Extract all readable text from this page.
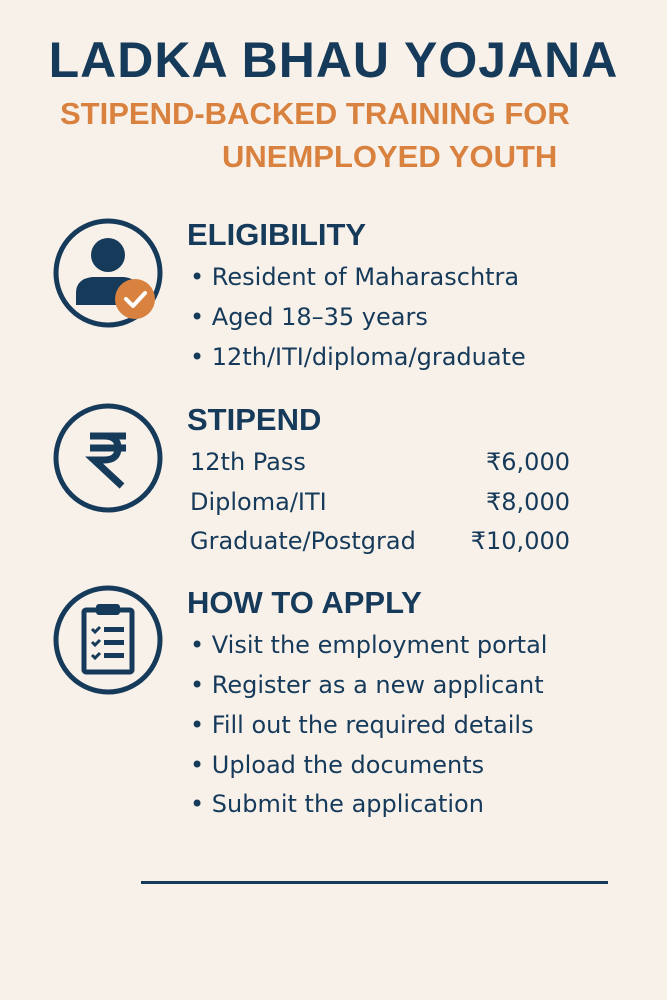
LADKA BHAU YOJANA
STIPEND-BACKED TRAINING FOR
UNEMPLOYED YOUTH
ELIGIBILITY
• Resident of Maharaschtra
• Aged 18–35 years
• 12th/ITI/diploma/graduate
STIPEND
12th Pass	₹6,000
Diploma/ITI	₹8,000
Graduate/Postgrad ₹10,000
HOW TO APPLY
• Visit the employment portal
• Register as a new applicant
• Fill out the required details
• Upload the documents
• Submit the application
